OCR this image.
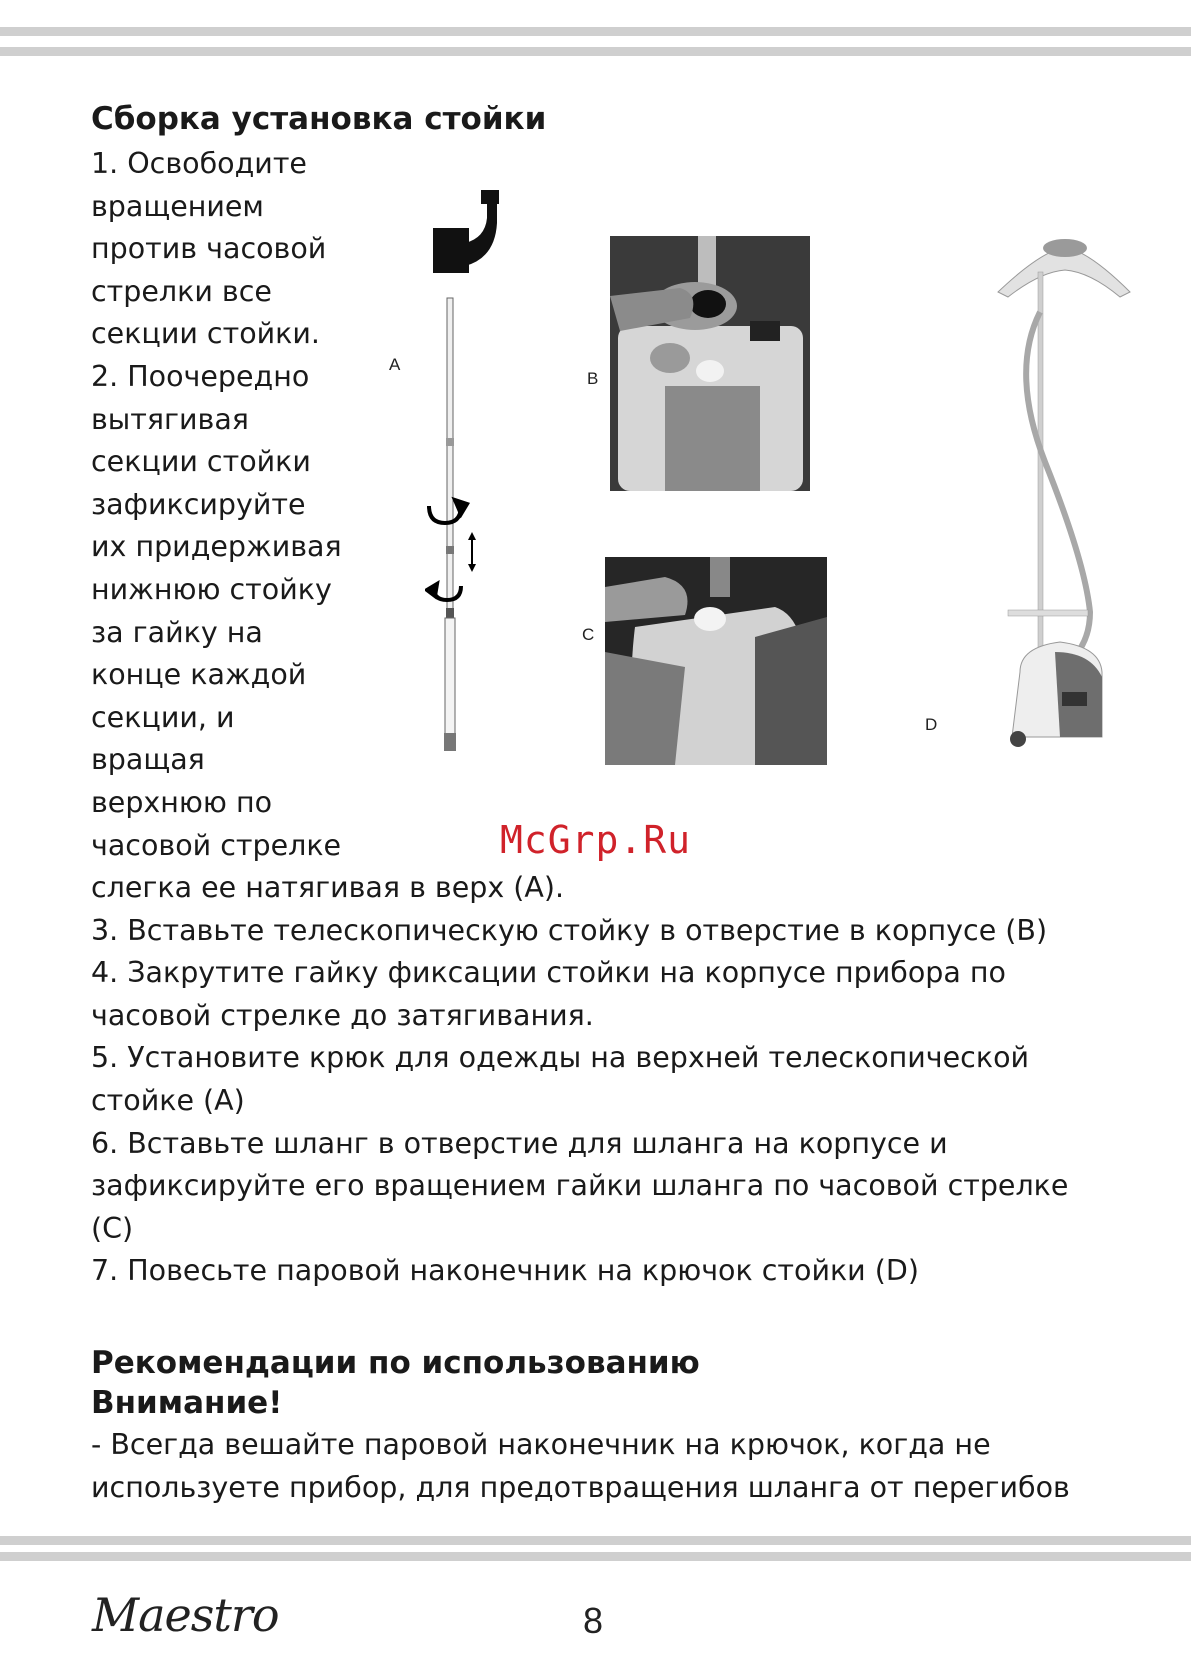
Сборка установка стойки
1. Освободите
вращением
против часовой
стрелки все
секции стойки.
2. Поочередно
вытягивая
секции стойки
зафиксируйте
их придерживая
нижнюю стойку
за гайку на
конце каждой
секции, и
вращая
верхнюю по
часовой стрелке
слегка ее натягивая в верх (А).
3. Вставьте телескопическую стойку в отверстие в корпусе (В)
4. Закрутите гайку фиксации стойки на корпусе прибора по
часовой стрелке до затягивания.
5. Установите крюк для одежды на верхней телескопической
стойке (А)
6. Вставьте шланг в отверстие для шланга на корпусе и
зафиксируйте его вращением гайки шланга по часовой стрелке
(С)
7. Повесьте паровой наконечник на крючок стойки (D)
A
B
C
D
McGrp.Ru
Рекомендации по использованию
Внимание!
- Всегда вешайте паровой наконечник на крючок, когда не
используете прибор, для предотвращения шланга от перегибов
Maestro	8
